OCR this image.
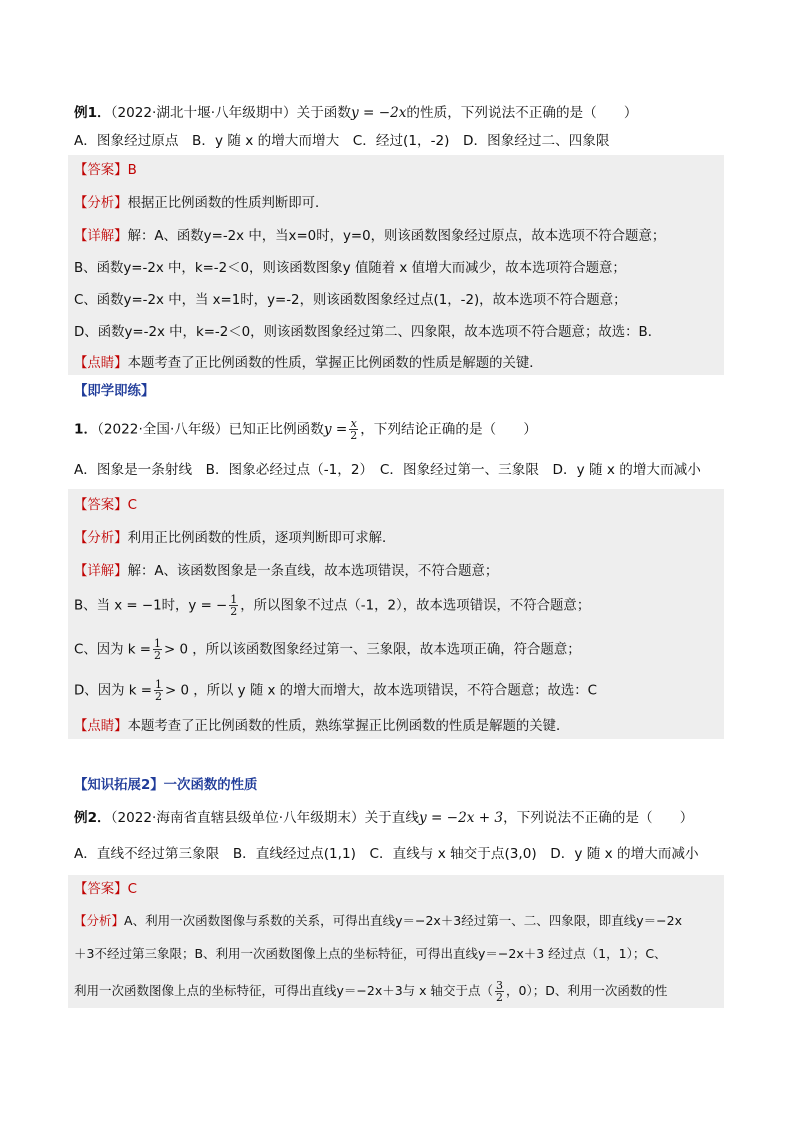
例1．（2022·湖北十堰·八年级期中）关于函数y = −2x的性质，下列说法不正确的是（　　）
A．图象经过原点　B．y 随 x 的增大而增大　C．经过(1，-2)　D．图象经过二、四象限
【答案】B
【分析】根据正比例函数的性质判断即可．
【详解】解：A、函数y=-2x 中，当x=0时，y=0，则该函数图象经过原点，故本选项不符合题意；
B、函数y=-2x 中，k=-2＜0，则该函数图象y 值随着 x 值增大而减少，故本选项符合题意；
C、函数y=-2x 中，当 x=1时，y=-2，则该函数图象经过点(1，-2)，故本选项不符合题意；
D、函数y=-2x 中，k=-2＜0，则该函数图象经过第二、四象限，故本选项不符合题意；故选：B．
【点睛】本题考查了正比例函数的性质，掌握正比例函数的性质是解题的关键．
【即学即练】
1．（2022·全国·八年级）已知正比例函数$y = \frac{x}{2}$ ，下列结论正确的是（　　）
A．图象是一条射线　B．图象必经过点（-1，2）　C．图象经过第一、三象限　D．y 随 x 的增大而减小
【答案】C
【分析】利用正比例函数的性质，逐项判断即可求解．
【详解】解：A、该函数图象是一条直线，故本选项错误，不符合题意；
B、当 x = −1时，y = − $\frac{1}{2}$ ，所以图象不过点（-1，2），故本选项错误，不符合题意；
C、因为 $k = \frac{1}{2} > 0$ ，所以该函数图象经过第一、三象限，故本选项正确，符合题意；
D、因为 $k = \frac{1}{2} > 0$ ，所以 y 随 x 的增大而增大，故本选项错误，不符合题意；故选：C
【点睛】本题考查了正比例函数的性质，熟练掌握正比例函数的性质是解题的关键．
【知识拓展2】一次函数的性质
例2．（2022·海南省直辖县级单位·八年级期末）关于直线y = −2x + 3，下列说法不正确的是（　　）
A．直线不经过第三象限　B．直线经过点(1,1)　C．直线与 x 轴交于点(3,0)　D．y 随 x 的增大而减小
【答案】C
【分析】A、利用一次函数图像与系数的关系，可得出直线y＝−2x＋3经过第一、二、四象限，即直线y＝−2x
＋3不经过第三象限；B、利用一次函数图像上点的坐标特征，可得出直线y＝−2x＋3 经过点（1，1）；C、
利用一次函数图像上点的坐标特征，可得出直线y＝−2x＋3与 x 轴交于点（ $\frac{3}{2}$ ，0）；D、利用一次函数的性
